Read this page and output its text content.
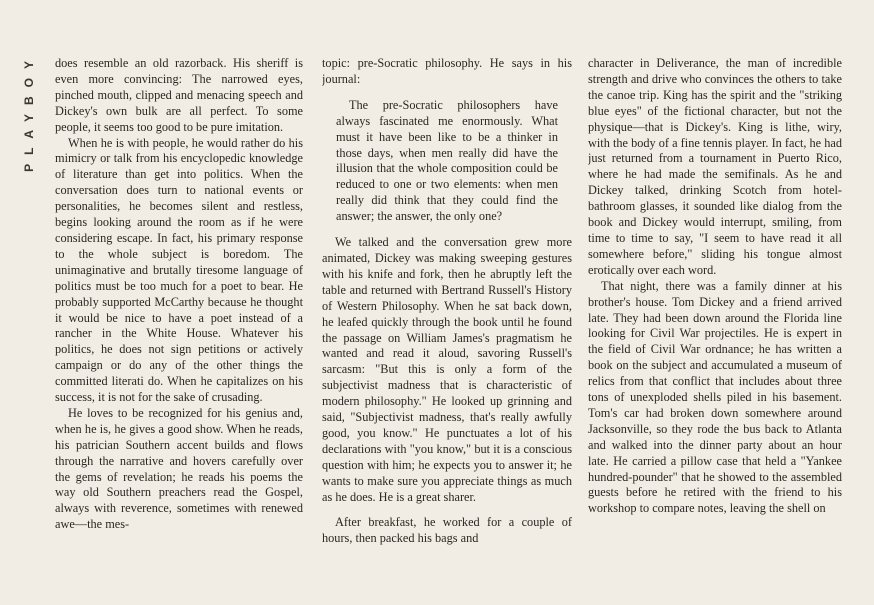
PLAYBOY does resemble an old razorback. His sheriff is even more convincing: The narrowed eyes, pinched mouth, clipped and menacing speech and Dickey's own bulk are all perfect. To some people, it seems too good to be pure imitation.

When he is with people, he would rather do his mimicry or talk from his encyclopedic knowledge of literature than get into politics. When the conversation does turn to national events or personalities, he becomes silent and restless, begins looking around the room as if he were considering escape. In fact, his primary response to the whole subject is boredom. The unimaginative and brutally tiresome language of politics must be too much for a poet to bear. He probably supported McCarthy because he thought it would be nice to have a poet instead of a rancher in the White House. Whatever his politics, he does not sign petitions or actively campaign or do any of the other things the committed literati do. When he capitalizes on his success, it is not for the sake of crusading.

He loves to be recognized for his genius and, when he is, he gives a good show. When he reads, his patrician Southern accent builds and flows through the narrative and hovers carefully over the gems of revelation; he reads his poems the way old Southern preachers read the Gospel, always with reverence, sometimes with renewed awe—the mes-

topic: pre-Socratic philosophy. He says in his journal:

The pre-Socratic philosophers have always fascinated me enormously. What must it have been like to be a thinker in those days, when men really did have the illusion that the whole composition could be reduced to one or two elements: when men really did think that they could find the answer; the answer, the only one?

We talked and the conversation grew more animated, Dickey was making sweeping gestures with his knife and fork, then he abruptly left the table and returned with Bertrand Russell's History of Western Philosophy. When he sat back down, he leafed quickly through the book until he found the passage on William James's pragmatism he wanted and read it aloud, savoring Russell's sarcasm: "But this is only a form of the subjectivist madness that is characteristic of modern philosophy." He looked up grinning and said, "Subjectivist madness, that's really awfully good, you know." He punctuates a lot of his declarations with "you know," but it is a conscious question with him; he expects you to answer it; he wants to make sure you appreciate things as much as he does. He is a great sharer.

After breakfast, he worked for a couple of hours, then packed his bags and

character in Deliverance, the man of incredible strength and drive who convinces the others to take the canoe trip. King has the spirit and the "striking blue eyes" of the fictional character, but not the physique—that is Dickey's. King is lithe, wiry, with the body of a fine tennis player. In fact, he had just returned from a tournament in Puerto Rico, where he had made the semifinals. As he and Dickey talked, drinking Scotch from hotel-bathroom glasses, it sounded like dialog from the book and Dickey would interrupt, smiling, from time to time to say, "I seem to have read it all somewhere before," sliding his tongue almost erotically over each word.

That night, there was a family dinner at his brother's house. Tom Dickey and a friend arrived late. They had been down around the Florida line looking for Civil War projectiles. He is expert in the field of Civil War ordnance; he has written a book on the subject and accumulated a museum of relics from that conflict that includes about three tons of unexploded shells piled in his basement. Tom's car had broken down somewhere around Jacksonville, so they rode the bus back to Atlanta and walked into the dinner party about an hour late. He carried a pillow case that held a "Yankee hundred-pounder" that he showed to the assembled guests before he retired with the friend to his workshop to compare notes, leaving the shell on
